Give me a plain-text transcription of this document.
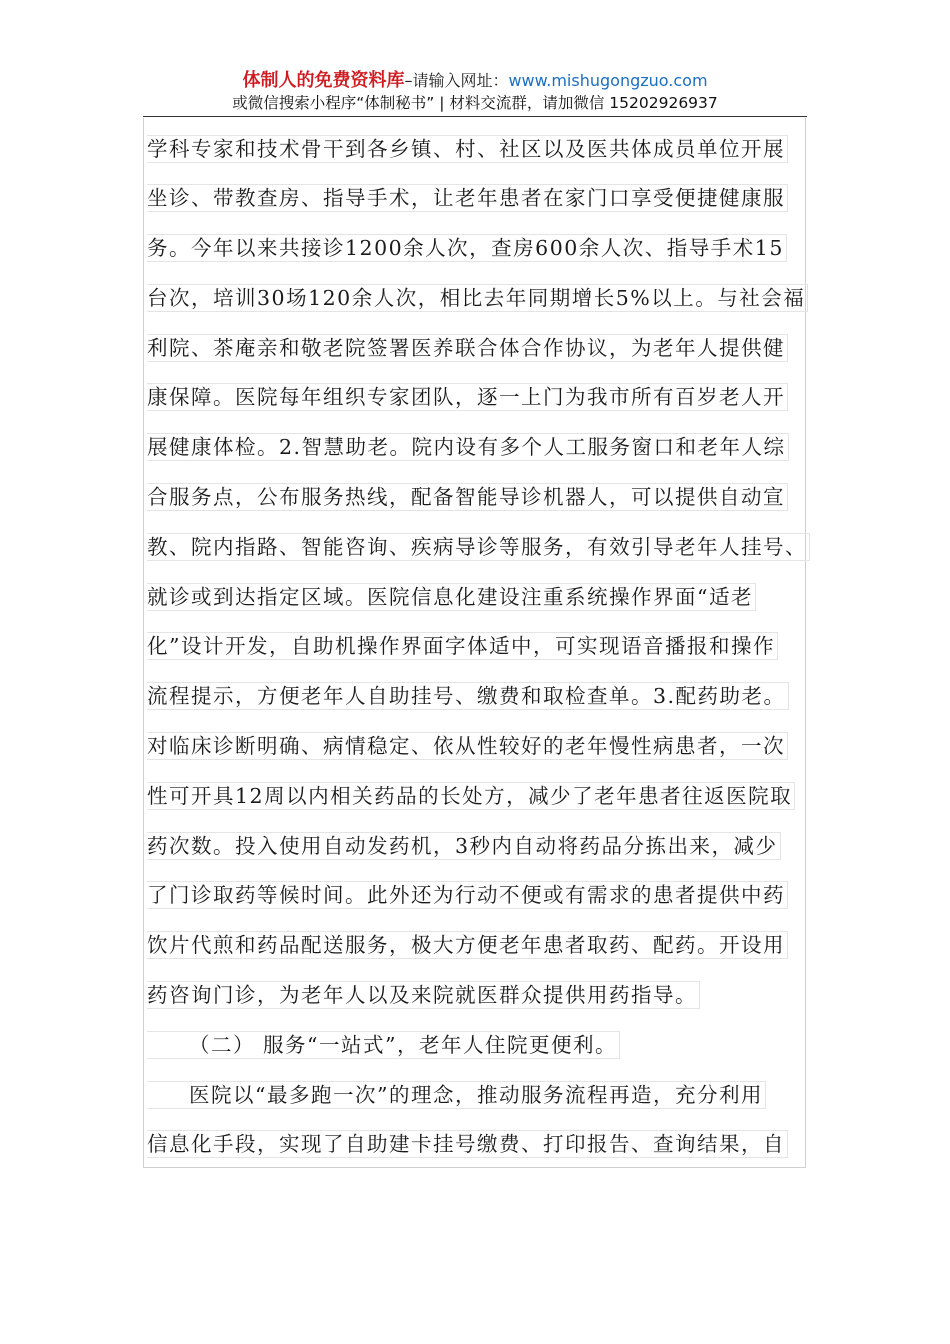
体制人的免费资料库–请输入网址：www.mishugongzuo.com
或微信搜索小程序“体制秘书” | 材料交流群，请加微信 15202926937
学科专家和技术骨干到各乡镇、村、社区以及医共体成员单位开展
坐诊、带教查房、指导手术，让老年患者在家门口享受便捷健康服
务。今年以来共接诊1200余人次，查房600余人次、指导手术15
台次，培训30场120余人次，相比去年同期增长5%以上。与社会福
利院、茶庵亲和敬老院签署医养联合体合作协议，为老年人提供健
康保障。医院每年组织专家团队，逐一上门为我市所有百岁老人开
展健康体检。2.智慧助老。院内设有多个人工服务窗口和老年人综
合服务点，公布服务热线，配备智能导诊机器人，可以提供自动宣
教、院内指路、智能咨询、疾病导诊等服务，有效引导老年人挂号、
就诊或到达指定区域。医院信息化建设注重系统操作界面“适老
化”设计开发，自助机操作界面字体适中，可实现语音播报和操作
流程提示，方便老年人自助挂号、缴费和取检查单。3.配药助老。
对临床诊断明确、病情稳定、依从性较好的老年慢性病患者，一次
性可开具12周以内相关药品的长处方，减少了老年患者往返医院取
药次数。投入使用自动发药机，3秒内自动将药品分拣出来，减少
了门诊取药等候时间。此外还为行动不便或有需求的患者提供中药
饮片代煎和药品配送服务，极大方便老年患者取药、配药。开设用
药咨询门诊，为老年人以及来院就医群众提供用药指导。
（二） 服务“一站式”，老年人住院更便利。
医院以“最多跑一次”的理念，推动服务流程再造，充分利用
信息化手段，实现了自助建卡挂号缴费、打印报告、查询结果，自
